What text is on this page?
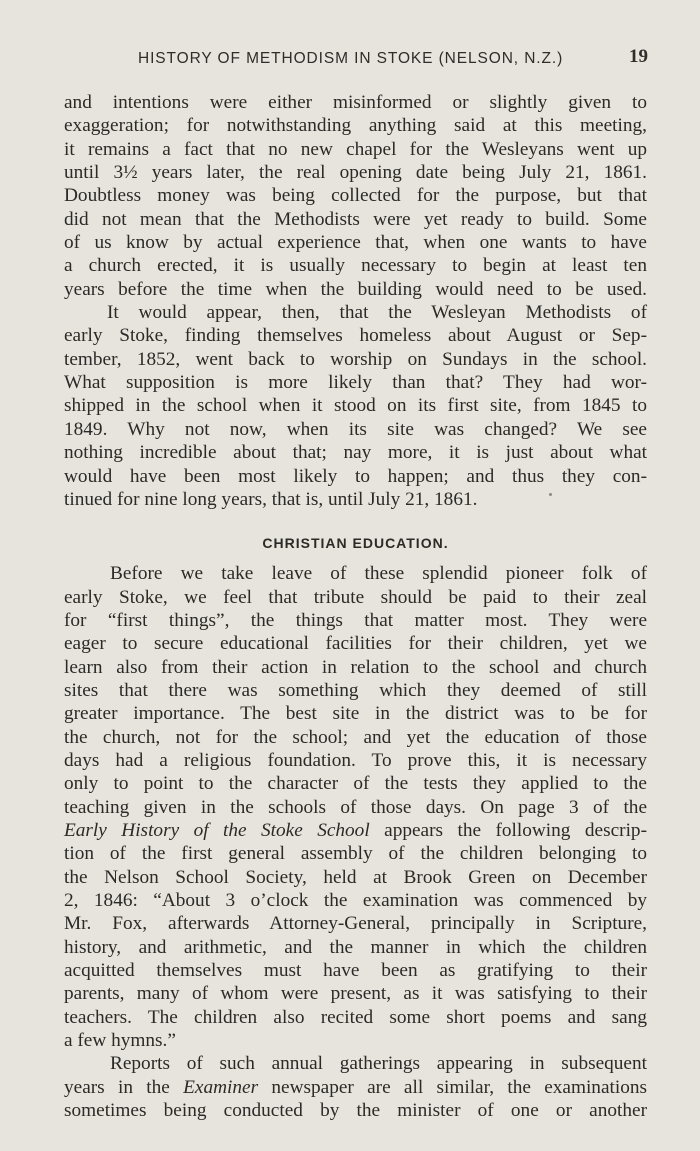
HISTORY OF METHODISM IN STOKE (NELSON, N.Z.)	19
and intentions were either misinformed or slightly given to
exaggeration; for notwithstanding anything said at this meeting,
it remains a fact that no new chapel for the Wesleyans went up
until 3½ years later, the real opening date being July 21, 1861.
Doubtless money was being collected for the purpose, but that
did not mean that the Methodists were yet ready to build. Some
of us know by actual experience that, when one wants to have
a church erected, it is usually necessary to begin at least ten
years before the time when the building would need to be used.
It would appear, then, that the Wesleyan Methodists of
early Stoke, finding themselves homeless about August or Sep-
tember, 1852, went back to worship on Sundays in the school.
What supposition is more likely than that? They had wor-
shipped in the school when it stood on its first site, from 1845 to
1849. Why not now, when its site was changed? We see
nothing incredible about that; nay more, it is just about what
would have been most likely to happen; and thus they con-
tinued for nine long years, that is, until July 21, 1861.
CHRISTIAN EDUCATION.
Before we take leave of these splendid pioneer folk of
early Stoke, we feel that tribute should be paid to their zeal
for “first things”, the things that matter most. They were
eager to secure educational facilities for their children, yet we
learn also from their action in relation to the school and church
sites that there was something which they deemed of still
greater importance. The best site in the district was to be for
the church, not for the school; and yet the education of those
days had a religious foundation. To prove this, it is necessary
only to point to the character of the tests they applied to the
teaching given in the schools of those days. On page 3 of the
Early History of the Stoke School appears the following descrip-
tion of the first general assembly of the children belonging to
the Nelson School Society, held at Brook Green on December
2, 1846: “About 3 o’clock the examination was commenced by
Mr. Fox, afterwards Attorney-General, principally in Scripture,
history, and arithmetic, and the manner in which the children
acquitted themselves must have been as gratifying to their
parents, many of whom were present, as it was satisfying to their
teachers. The children also recited some short poems and sang
a few hymns.”
Reports of such annual gatherings appearing in subsequent
years in the Examiner newspaper are all similar, the examinations
sometimes being conducted by the minister of one or another
